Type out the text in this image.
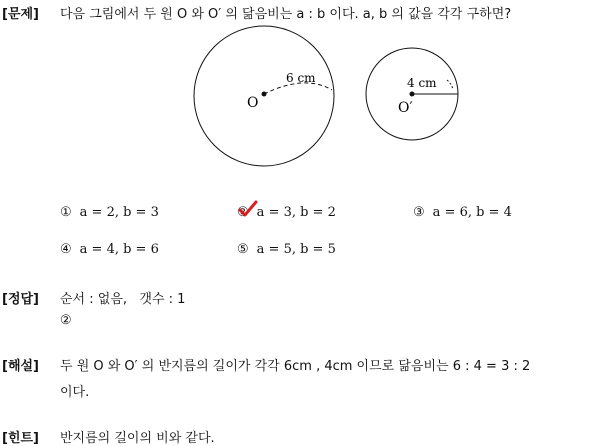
[문제] 다음 그림에서 두 원 O 와 O′ 의 닮음비는 a : b 이다. a, b 의 값을 각각 구하면?
6 cm
O
4 cm
O′
① a = 2, b = 3	② a = 3, b = 2	③ a = 6, b = 4
④ a = 4, b = 6	⑤ a = 5, b = 5
[정답] 순서 : 없음,   갯수 : 1
②
[해설] 두 원 O 와 O′ 의 반지름의 길이가 각각 6cm , 4cm 이므로 닮음비는 6 : 4 = 3 : 2
이다.
[힌트] 반지름의 길이의 비와 같다.
